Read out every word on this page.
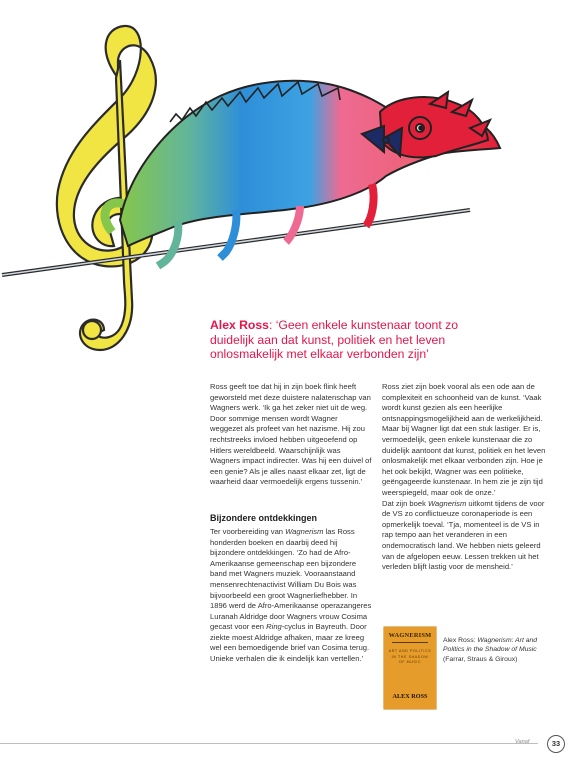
Alex Ross: ‘Geen enkele kunstenaar toont zo duidelijk aan dat kunst, politiek en het leven onlosmakelijk met elkaar verbonden zijn’

Ross geeft toe dat hij in zijn boek flink heeft geworsteld met deze duistere nalatenschap van Wagners werk. ‘Ik ga het zeker niet uit de weg. Door sommige mensen wordt Wagner weggezet als profeet van het nazisme. Hij zou rechtstreeks invloed hebben uitgeoefend op Hitlers wereldbeeld. Waarschijnlijk was Wagners impact indirecter. Was hij een duivel of een genie? Als je alles naast elkaar zet, ligt de waarheid daar vermoedelijk ergens tussenin.’

Bijzondere ontdekkingen

Ter voorbereiding van Wagnerism las Ross honderden boeken en daarbij deed hij bijzondere ontdekkingen. ‘Zo had de Afro-Amerikaanse gemeenschap een bijzondere band met Wagners muziek. Vooraanstaand mensenrechtenactivist William Du Bois was bijvoorbeeld een groot Wagnerliefhebber. In 1896 werd de Afro-Amerikaanse operazangeres Luranah Aldridge door Wagners vrouw Cosima gecast voor een Ring-cyclus in Bayreuth. Door ziekte moest Aldridge afhaken, maar ze kreeg wel een bemoedigende brief van Cosima terug. Unieke verhalen die ik eindelijk kan vertellen.’

Ross ziet zijn boek vooral als een ode aan de complexiteit en schoonheid van de kunst. ‘Vaak wordt kunst gezien als een heerlijke ontsnappingsmogelijkheid aan de werkelijkheid. Maar bij Wagner ligt dat een stuk lastiger. Er is, vermoedelijk, geen enkele kunstenaar die zo duidelijk aantoont dat kunst, politiek en het leven onlosmakelijk met elkaar verbonden zijn. Hoe je het ook bekijkt, Wagner was een politieke, geëngageerde kunstenaar. In hem zie je zijn tijd weerspiegeld, maar ook de onze.’

Dat zijn boek Wagnerism uitkomt tijdens de voor de VS zo conflictueuze coronaperiode is een opmerkelijk toeval. ‘Tja, momenteel is de VS in rap tempo aan het veranderen in een ondemocratisch land. We hebben niets geleerd van de afgelopen eeuw. Lessen trekken uit het verleden blijft lastig voor de mensheid.’

WAGNERISM
ART AND POLITICS IN THE SHADOW OF MUSIC
ALEX ROSS
Alex Ross: Wagnerism: Art and Politics in the Shadow of Music (Farrar, Straus & Giroux)
Vanaf	33
